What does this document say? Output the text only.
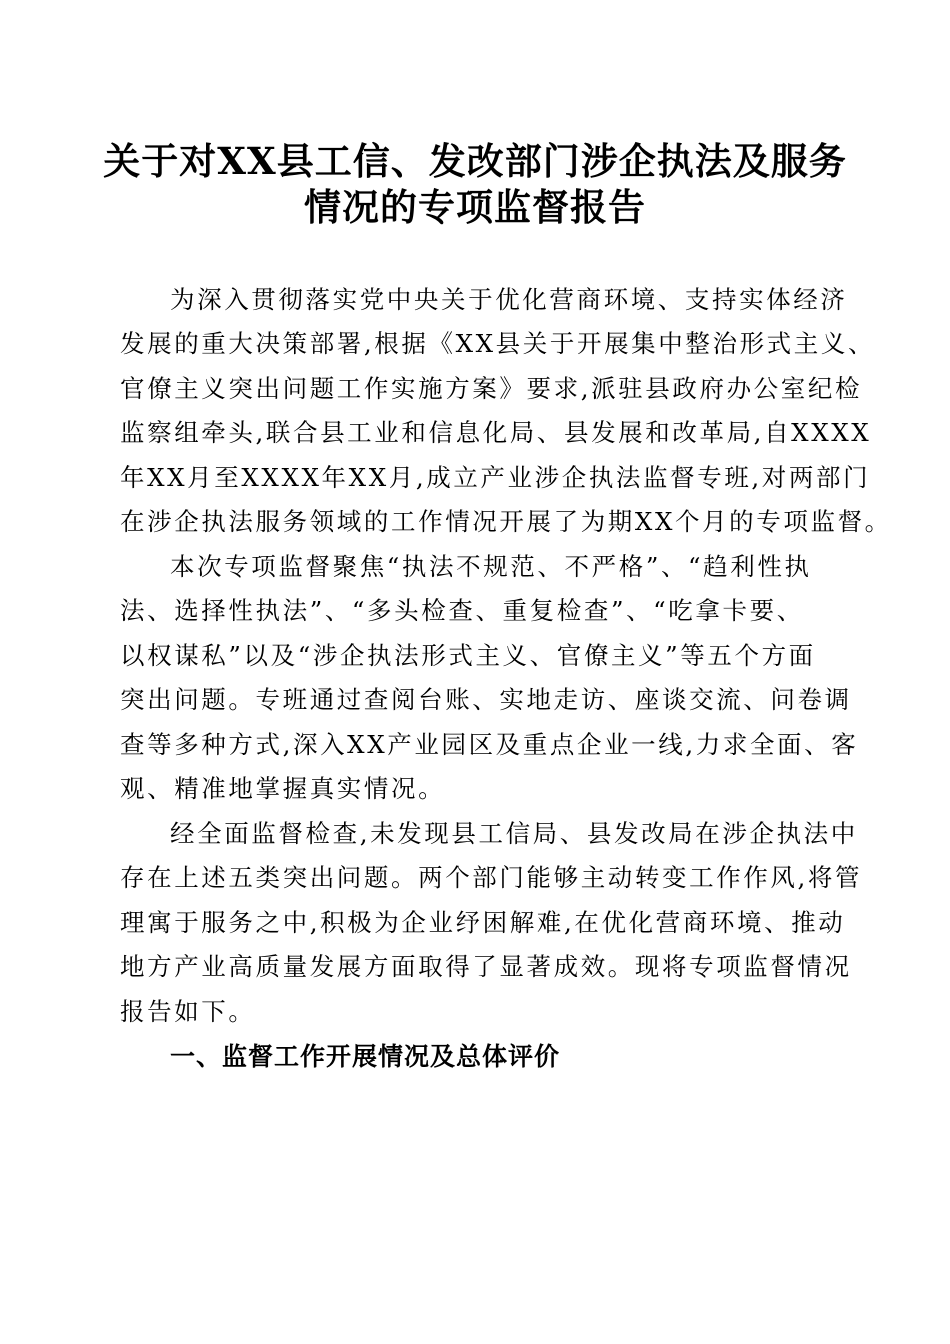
关于对XX县工信、发改部门涉企执法及服务
情况的专项监督报告
为深入贯彻落实党中央关于优化营商环境、支持实体经济
发展的重大决策部署,根据《XX县关于开展集中整治形式主义、
官僚主义突出问题工作实施方案》要求,派驻县政府办公室纪检
监察组牵头,联合县工业和信息化局、县发展和改革局,自XXXX
年XX月至XXXX年XX月,成立产业涉企执法监督专班,对两部门
在涉企执法服务领域的工作情况开展了为期XX个月的专项监督。
本次专项监督聚焦“执法不规范、不严格”、“趋利性执
法、选择性执法”、“多头检查、重复检查”、“吃拿卡要、
以权谋私”以及“涉企执法形式主义、官僚主义”等五个方面
突出问题。专班通过查阅台账、实地走访、座谈交流、问卷调
查等多种方式,深入XX产业园区及重点企业一线,力求全面、客
观、精准地掌握真实情况。
经全面监督检查,未发现县工信局、县发改局在涉企执法中
存在上述五类突出问题。两个部门能够主动转变工作作风,将管
理寓于服务之中,积极为企业纾困解难,在优化营商环境、推动
地方产业高质量发展方面取得了显著成效。现将专项监督情况
报告如下。
一、监督工作开展情况及总体评价
